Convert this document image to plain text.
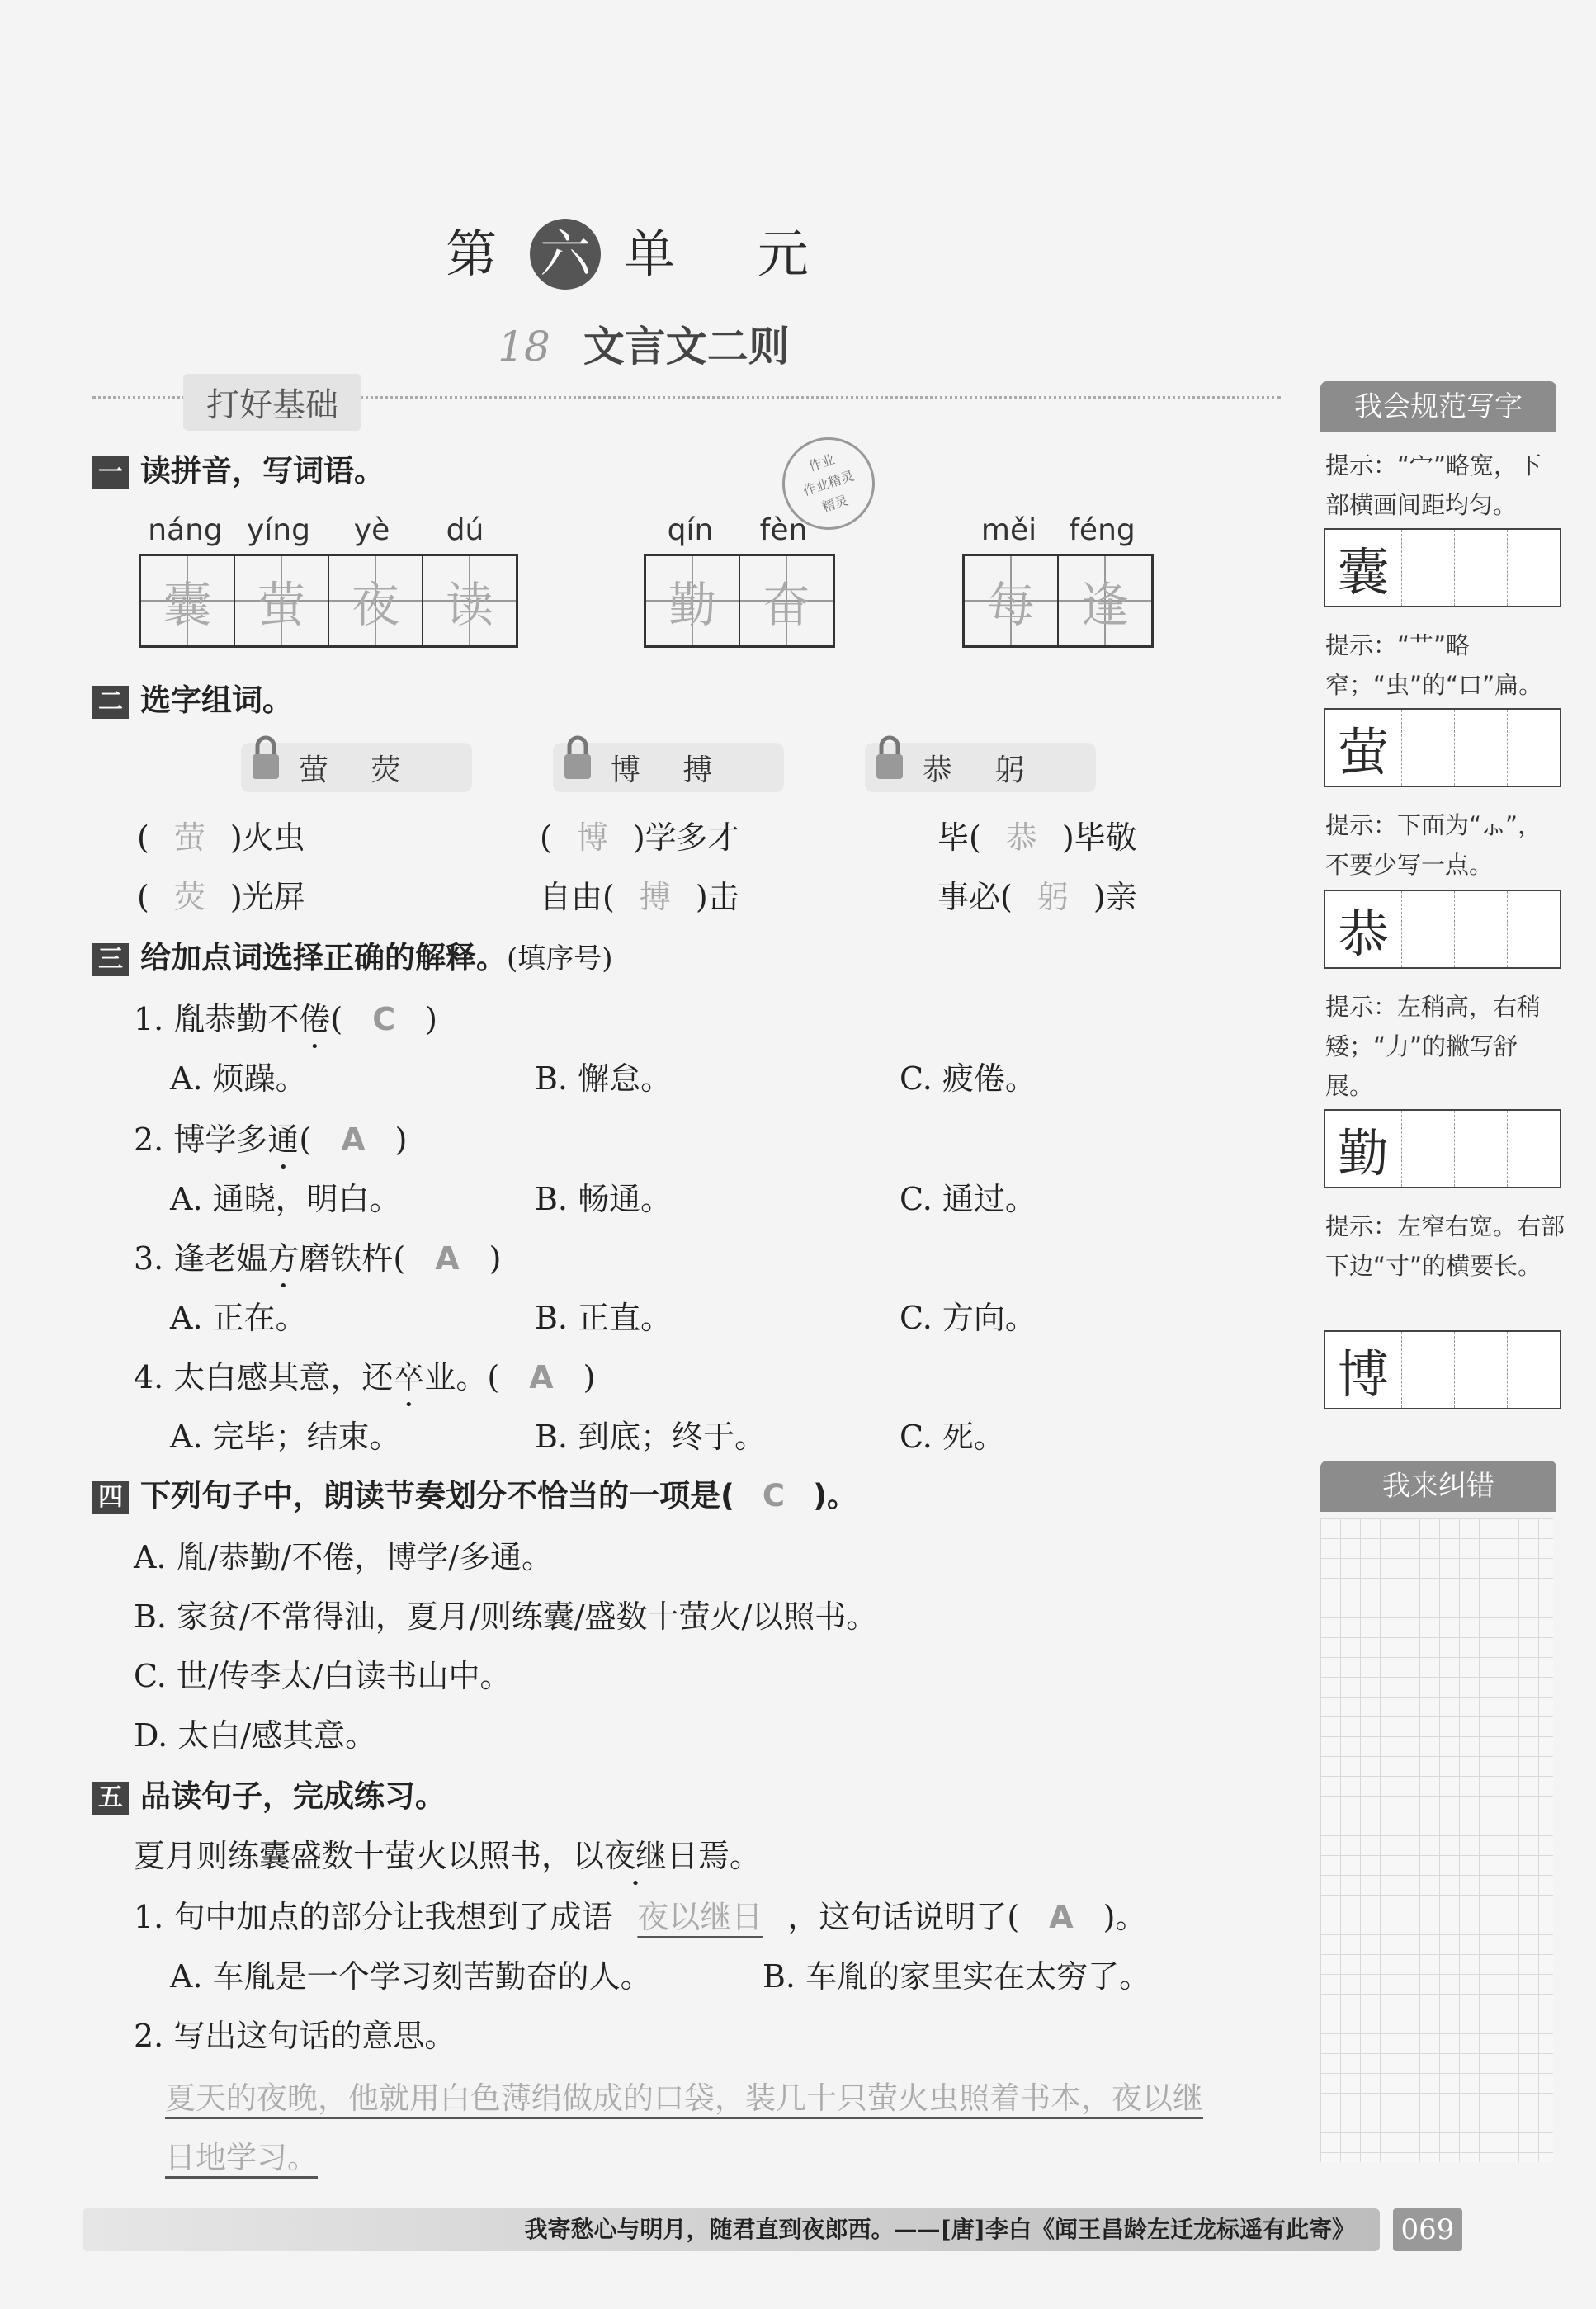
第 六 单 元
18 文言文二则
打好基础
作业
作业精灵
精灵
一 读拼音，写词语。
náng yíng	yè	dú
囊 萤 夜 读
qín	fèn
勤 奋
měi	féng
每 逢
二 选字组词。
萤 荧	博 搏	恭 躬
( 萤 )火虫	( 博 )学多才	毕( 恭 )毕敬
( 荧 )光屏	自由( 搏 )击	事必( 躬 )亲
三 给加点词选择正确的解释。(填序号)
1. 胤恭勤不倦( C )
A. 烦躁。	B. 懈怠。	C. 疲倦。
2. 博学多通( A )
A. 通晓，明白。	B. 畅通。	C. 通过。
3. 逢老媪方磨铁杵( A )
A. 正在。	B. 正直。	C. 方向。
4. 太白感其意，还卒业。( A )
A. 完毕；结束。	B. 到底；终于。	C. 死。
四 下列句子中，朗读节奏划分不恰当的一项是( C )。
A. 胤/恭勤/不倦，博学/多通。
B. 家贫/不常得油，夏月/则练囊/盛数十萤火/以照书。
C. 世/传李太/白读书山中。
D. 太白/感其意。
五 品读句子，完成练习。
夏月则练囊盛数十萤火以照书，以夜继日焉。
1. 句中加点的部分让我想到了成语 夜以继日 ，这句话说明了( A )。
A. 车胤是一个学习刻苦勤奋的人。	B. 车胤的家里实在太穷了。
2. 写出这句话的意思。
夏天的夜晚，他就用白色薄绢做成的口袋，装几十只萤火虫照着书本，夜以继
日地学习。
我会规范写字
提示：“宀”略宽，下部横画间距均匀。
囊
提示：“艹”略窄；“虫”的“口”扁。
萤
提示：下面为“⺗”，不要少写一点。
恭
提示：左稍高，右稍矮；“力”的撇写舒展。
勤
提示：左窄右宽。右部下边“寸”的横要长。
博
我来纠错
我寄愁心与明月，随君直到夜郎西。——[唐]李白《闻王昌龄左迁龙标遥有此寄》	069
